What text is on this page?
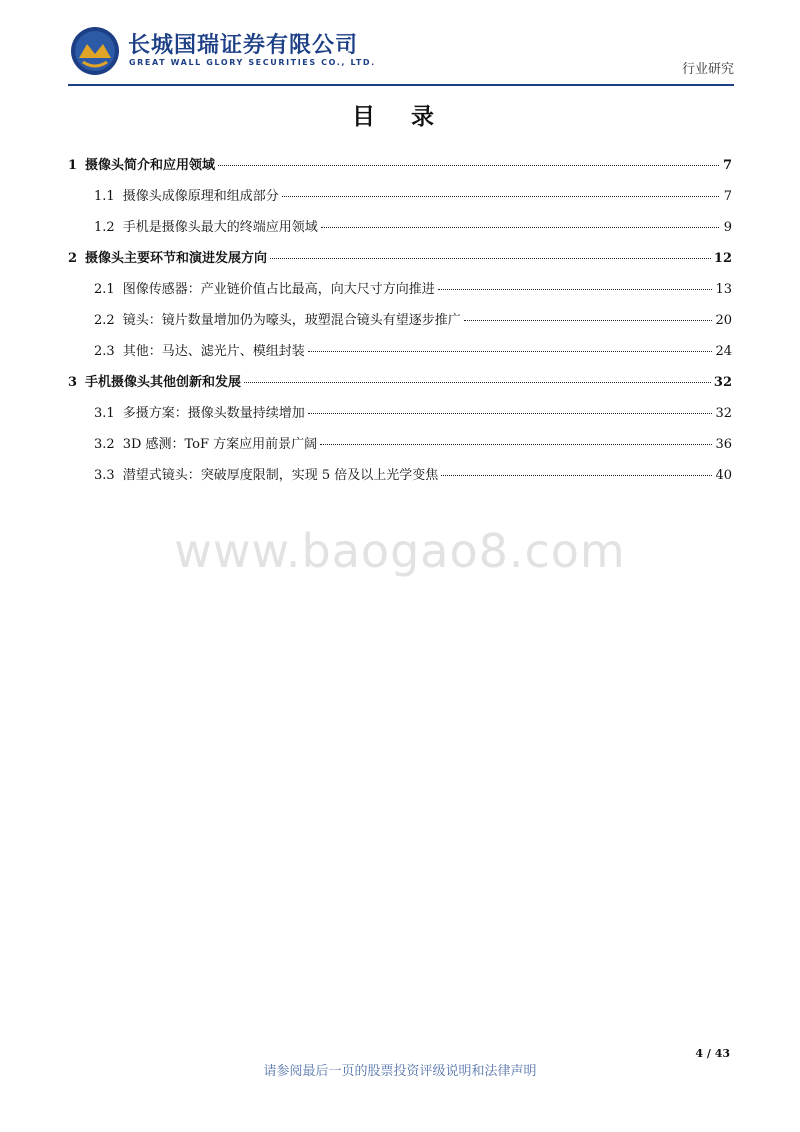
长城国瑞证券有限公司
GREAT WALL GLORY SECURITIES CO., LTD.	行业研究
目 录
1 摄像头简介和应用领域	7
1.1 摄像头成像原理和组成部分	7
1.2 手机是摄像头最大的终端应用领域	9
2 摄像头主要环节和演进发展方向	12
2.1 图像传感器：产业链价值占比最高，向大尺寸方向推进	13
2.2 镜头：镜片数量增加仍为嚎头，玻塑混合镜头有望逐步推广	20
2.3 其他：马达、滤光片、模组封装	24
3 手机摄像头其他创新和发展	32
3.1 多摄方案：摄像头数量持续增加	32
3.2 3D 感测：ToF 方案应用前景广阔	36
3.3 潜望式镜头：突破厚度限制，实现 5 倍及以上光学变焦	40
www.baogao8.com
4 / 43
请参阅最后一页的股票投资评级说明和法律声明
